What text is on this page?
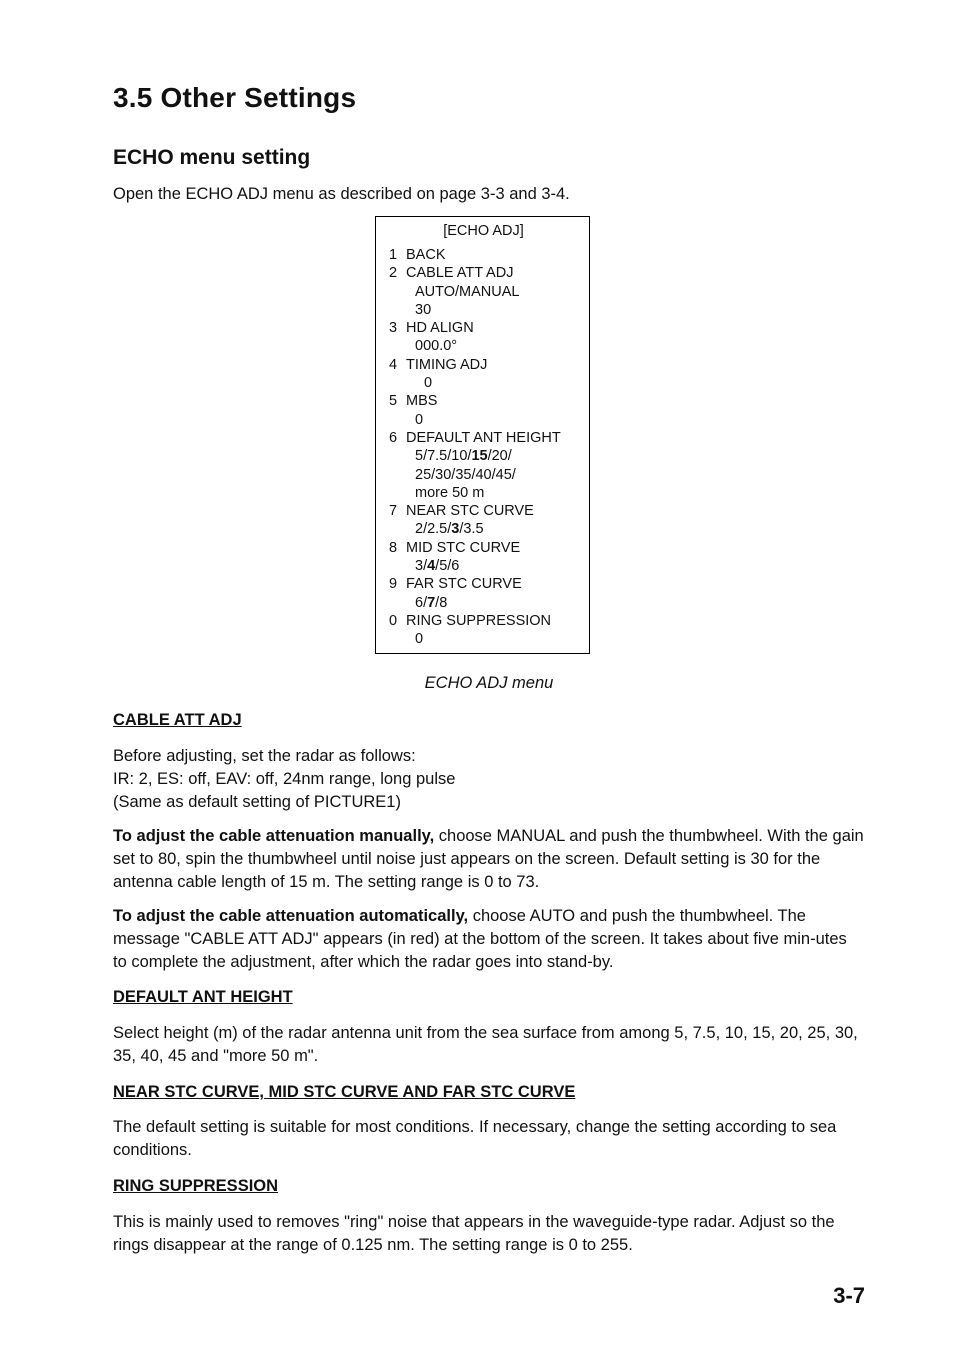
3.5 Other Settings
ECHO menu setting

Open the ECHO ADJ menu as described on page 3-3 and 3-4.

[ECHO ADJ]
1 BACK
2 CABLE ATT ADJ
AUTO/MANUAL
30
3 HD ALIGN
000.0°
4 TIMING ADJ
0
5 MBS
0
6 DEFAULT ANT HEIGHT
5/7.5/10/15/20/
25/30/35/40/45/
more 50 m
7 NEAR STC CURVE
2/2.5/3/3.5
8 MID STC CURVE
3/4/5/6
9 FAR STC CURVE
6/7/8
0 RING SUPPRESSION
0
ECHO ADJ menu
CABLE ATT ADJ

Before adjusting, set the radar as follows:
IR: 2, ES: off, EAV: off, 24nm range, long pulse
(Same as default setting of PICTURE1)

To adjust the cable attenuation manually, choose MANUAL and push the thumbwheel. With the gain set to 80, spin the thumbwheel until noise just appears on the screen. Default setting is 30 for the antenna cable length of 15 m. The setting range is 0 to 73.

To adjust the cable attenuation automatically, choose AUTO and push the thumbwheel. The message "CABLE ATT ADJ" appears (in red) at the bottom of the screen. It takes about five min-utes to complete the adjustment, after which the radar goes into stand-by.

DEFAULT ANT HEIGHT

Select height (m) of the radar antenna unit from the sea surface from among 5, 7.5, 10, 15, 20, 25, 30, 35, 40, 45 and "more 50 m".

NEAR STC CURVE, MID STC CURVE AND FAR STC CURVE

The default setting is suitable for most conditions. If necessary, change the setting according to sea conditions.

RING SUPPRESSION

This is mainly used to removes "ring" noise that appears in the waveguide-type radar. Adjust so the rings disappear at the range of 0.125 nm. The setting range is 0 to 255.

3-7
